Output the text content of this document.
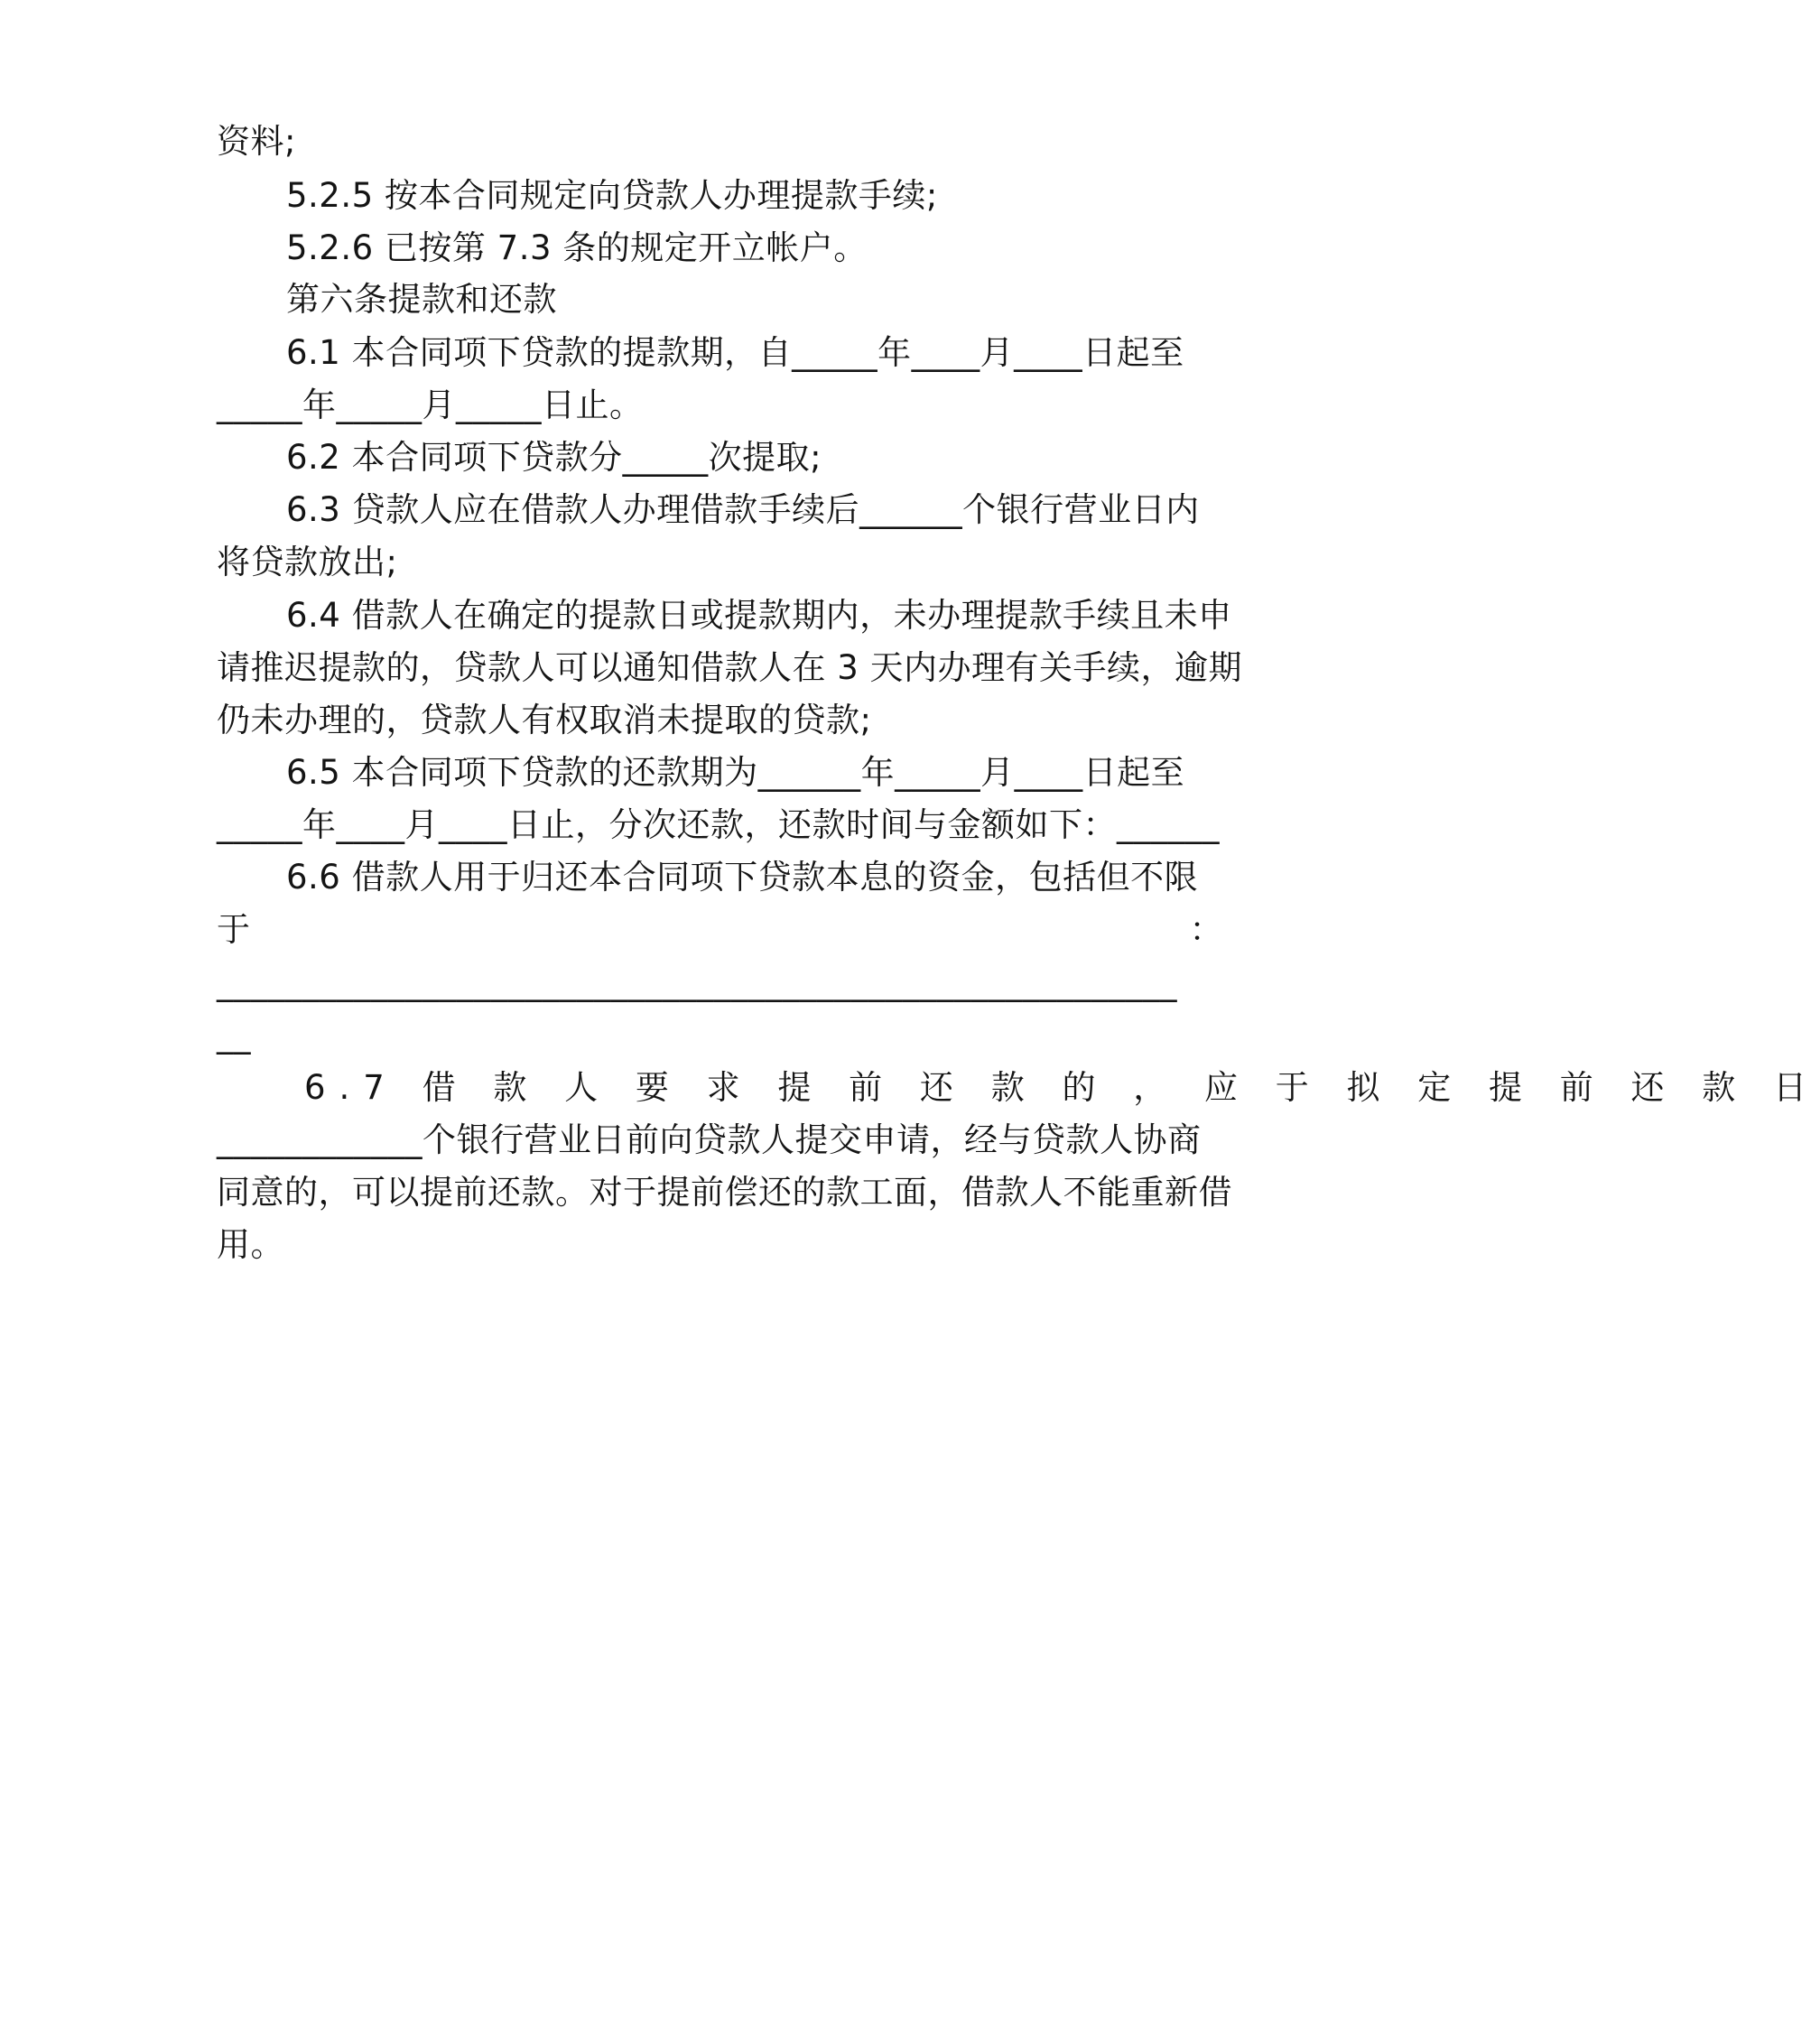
资料;
5.2.5 按本合同规定向贷款人办理提款手续;
5.2.6 已按第 7.3 条的规定开立帐户。
第六条提款和还款
6.1 本合同项下贷款的提款期，自_____年____月____日起至
_____年_____月_____日止。
6.2 本合同项下贷款分_____次提取;
6.3 贷款人应在借款人办理借款手续后______个银行营业日内
将贷款放出;
6.4 借款人在确定的提款日或提款期内，未办理提款手续且未申
请推迟提款的，贷款人可以通知借款人在 3 天内办理有关手续，逾期
仍未办理的，贷款人有权取消未提取的贷款;
6.5 本合同项下贷款的还款期为______年_____月____日起至
_____年____月____日止，分次还款，还款时间与金额如下：______
6.6 借款人用于归还本合同项下贷款本息的资金，包括但不限
于	：
________________________________________________________
__
6.7 借 款 人 要 求 提 前 还 款 的 ， 应 于 拟 定 提 前 还 款 日
____________个银行营业日前向贷款人提交申请，经与贷款人协商
同意的，可以提前还款。对于提前偿还的款工面，借款人不能重新借
用。
